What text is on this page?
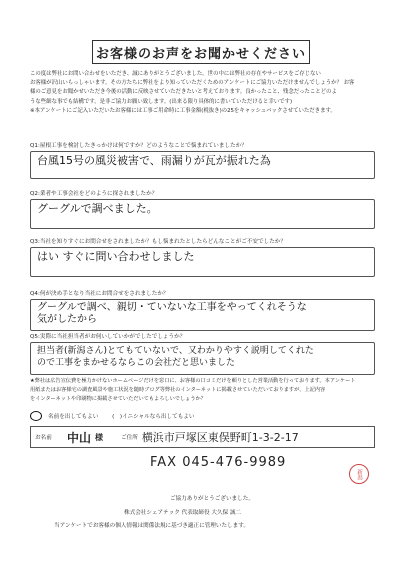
お客様のお声をお聞かせください

この度は弊社にお問い合わせをいただき、誠にありがとうございました。世の中には弊社の存在やサービスをご存じない

お客様が沢山いらっしゃいます。その方たちに弊社をより知っていただくためのアンケートにご協力いただけませんでしょうか？ お客

様のご意見をお聞かせいただき今後の活動に反映させていただきたいと考えております。良かったこと、残念だったことどのよ

うな些細な事でも結構です。是非ご協力お願い致します。(出来る限り具体的に書いていただけると幸いです)

※本アンケートにご記入いただいたお客様には工事ご用命時に工事金額(税抜き)の25をキャッシュバックさせていただきます。

Q1:屋根工事を検討したきっかけは何ですか？どのようなことで悩まれていましたか？
台風15号の風災被害で、雨漏りが瓦が振れた為
Q2:業者や工事会社をどのように探されましたか？
グーグルで調べました。
Q3:当社を知りすぐにお問合せをされましたか？もし悩まれたとしたらどんなことがご不安でしたか？
はい すぐに問い合わせしました
Q4:何が決め手となり当社にお問合せをされましたか？
グーグルで調べ、親切・ていないな工事をやってくれそうな
気がしたから
Q5:実際に当社担当者がお伺いしていかがでしたでしょうか？
担当者(新潟さん)とてもていないで、又わかりやすく説明してくれた
ので工事をまかせるならこの会社だと思いました

★弊社は広告宣伝費を極力かけないホームページだけを窓口に、お客様の口コミだけを頼りとした営業活動を行っております。本アンケート

用紙またはお客様宅の調査風景や施工状況を随時ブログ等弊社のインターネットに掲載させていただいておりますが、上記内容

をインターネットや印刷物に掲載させていただいてもよろしいでしょうか？

名前を出してもよい (　)イニシャルなら出してもよい
お名前	中山 様	ご住所 横浜市戸塚区東俣野町1-3-2-17
FAX 045-476-9989
新潟
ご協力ありがとうございました。
株式会社シェアテック 代表取締役 大久保 誠二
当アンケートでお客様の個人情報は関係法規に基づき適正に管理いたします。
